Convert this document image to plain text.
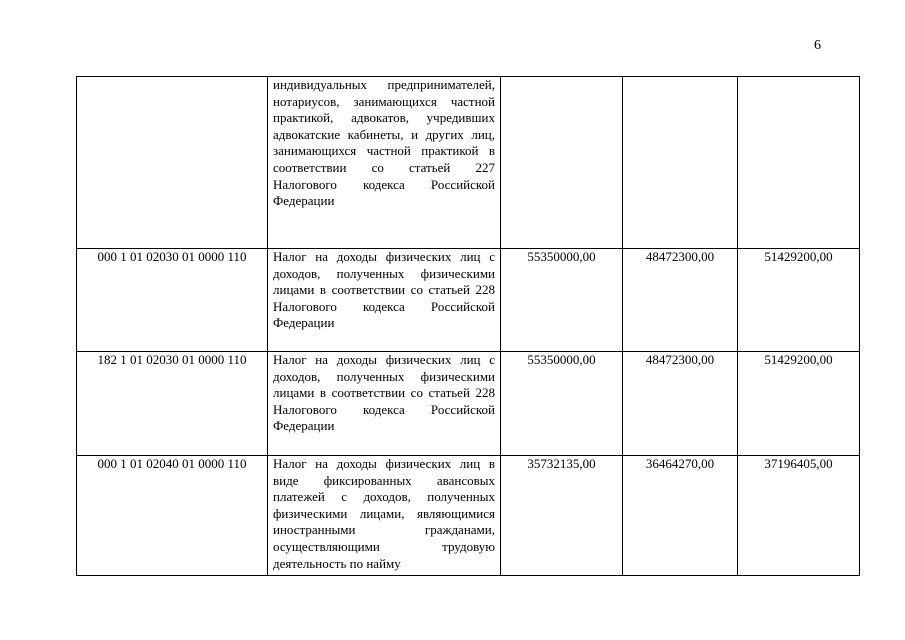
6
	индивидуальных предпринимателей, нотариусов, занимающихся частной практикой, адвокатов, учредивших адвокатские кабинеты, и других лиц, занимающихся частной практикой в соответствии со статьей 227 Налогового кодекса Российской Федерации			
000 1 01 02030 01 0000 110	Налог на доходы физических лиц с доходов, полученных физическими лицами в соответствии со статьей 228 Налогового кодекса Российской Федерации	55350000,00	48472300,00	51429200,00
182 1 01 02030 01 0000 110	Налог на доходы физических лиц с доходов, полученных физическими лицами в соответствии со статьей 228 Налогового кодекса Российской Федерации	55350000,00	48472300,00	51429200,00
000 1 01 02040 01 0000 110	Налог на доходы физических лиц в виде фиксированных авансовых платежей с доходов, полученных физическими лицами, являющимися иностранными гражданами, осуществляющими трудовую деятельность по найму	35732135,00	36464270,00	37196405,00
